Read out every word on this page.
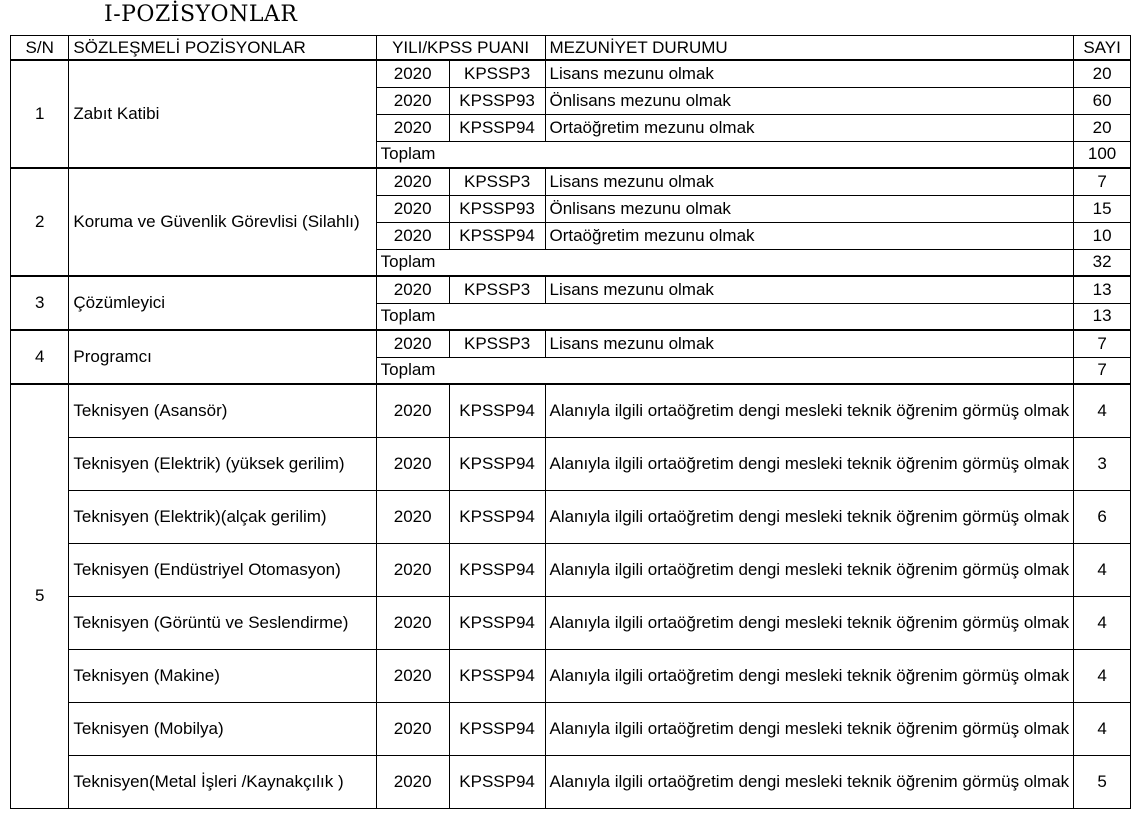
I-POZİSYONLAR
S/N	SÖZLEŞMELİ POZİSYONLAR	YILI/KPSS PUANI		MEZUNİYET DURUMU	SAYI
1	Zabıt Katibi	2020	KPSSP3	Lisans mezunu olmak	20
		2020	KPSSP93	Önlisans mezunu olmak	60
		2020	KPSSP94	Ortaöğretim mezunu olmak	20
		Toplam			100
2	Koruma ve Güvenlik Görevlisi (Silahlı)	2020	KPSSP3	Lisans mezunu olmak	7
		2020	KPSSP93	Önlisans mezunu olmak	15
		2020	KPSSP94	Ortaöğretim mezunu olmak	10
		Toplam			32
3	Çözümleyici	2020	KPSSP3	Lisans mezunu olmak	13
		Toplam			13
4	Programcı	2020	KPSSP3	Lisans mezunu olmak	7
		Toplam			7
5	Teknisyen (Asansör)	2020	KPSSP94	Alanıyla ilgili ortaöğretim dengi mesleki teknik öğrenim görmüş olmak	4
	Teknisyen (Elektrik) (yüksek gerilim)	2020	KPSSP94	Alanıyla ilgili ortaöğretim dengi mesleki teknik öğrenim görmüş olmak	3
	Teknisyen (Elektrik)(alçak gerilim)	2020	KPSSP94	Alanıyla ilgili ortaöğretim dengi mesleki teknik öğrenim görmüş olmak	6
	Teknisyen (Endüstriyel Otomasyon)	2020	KPSSP94	Alanıyla ilgili ortaöğretim dengi mesleki teknik öğrenim görmüş olmak	4
	Teknisyen (Görüntü ve Seslendirme)	2020	KPSSP94	Alanıyla ilgili ortaöğretim dengi mesleki teknik öğrenim görmüş olmak	4
	Teknisyen (Makine)	2020	KPSSP94	Alanıyla ilgili ortaöğretim dengi mesleki teknik öğrenim görmüş olmak	4
	Teknisyen (Mobilya)	2020	KPSSP94	Alanıyla ilgili ortaöğretim dengi mesleki teknik öğrenim görmüş olmak	4
	Teknisyen(Metal İşleri /Kaynakçılık )	2020	KPSSP94	Alanıyla ilgili ortaöğretim dengi mesleki teknik öğrenim görmüş olmak	5
